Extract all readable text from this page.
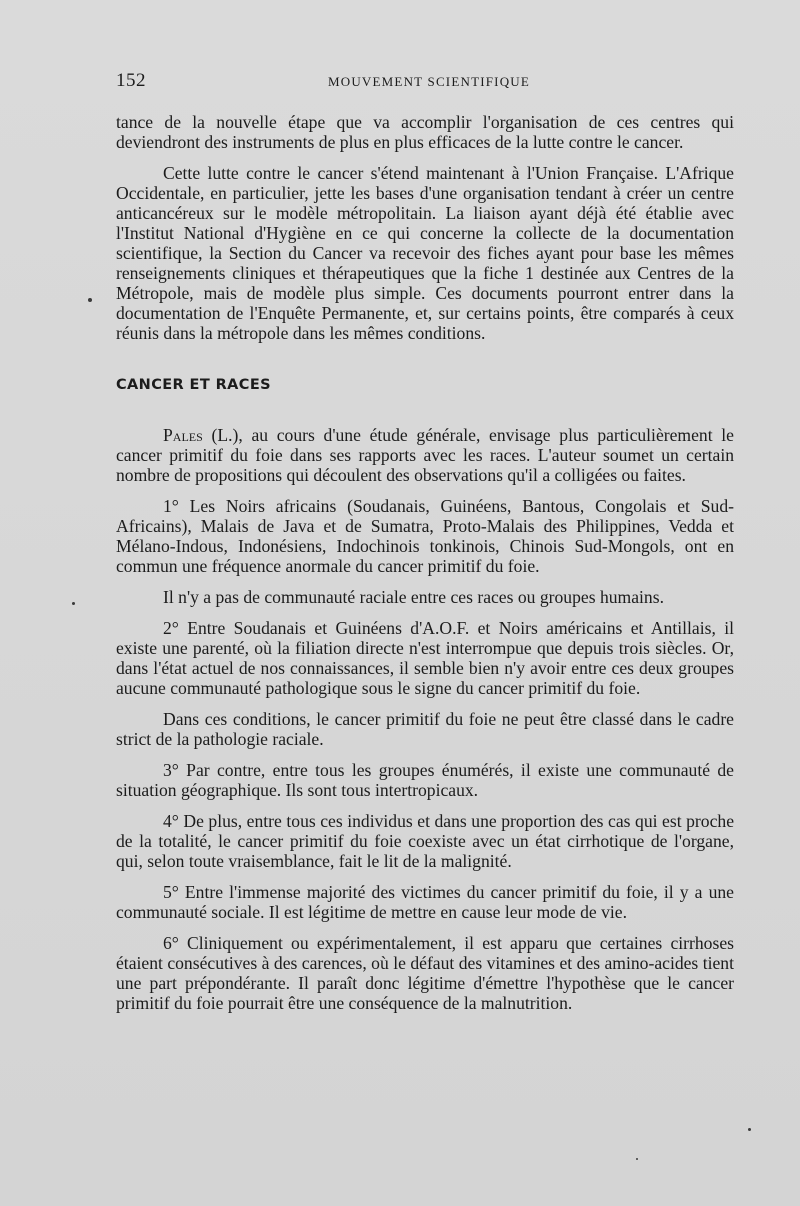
152	MOUVEMENT SCIENTIFIQUE

tance de la nouvelle étape que va accomplir l'organisation de ces centres qui deviendront des instruments de plus en plus efficaces de la lutte contre le cancer.

Cette lutte contre le cancer s'étend maintenant à l'Union Française. L'Afrique Occidentale, en particulier, jette les bases d'une organisation tendant à créer un centre anticancéreux sur le modèle métropolitain. La liaison ayant déjà été établie avec l'Institut National d'Hygiène en ce qui concerne la collecte de la documentation scientifique, la Section du Cancer va recevoir des fiches ayant pour base les mêmes renseignements cliniques et thérapeutiques que la fiche 1 destinée aux Centres de la Métropole, mais de modèle plus simple. Ces documents pourront entrer dans la documentation de l'Enquête Permanente, et, sur certains points, être comparés à ceux réunis dans la métropole dans les mêmes conditions.

CANCER ET RACES

Pales (L.), au cours d'une étude générale, envisage plus particulièrement le cancer primitif du foie dans ses rapports avec les races. L'auteur soumet un certain nombre de propositions qui découlent des observations qu'il a colligées ou faites.

1° Les Noirs africains (Soudanais, Guinéens, Bantous, Congolais et Sud-Africains), Malais de Java et de Sumatra, Proto-Malais des Philippines, Vedda et Mélano-Indous, Indonésiens, Indochinois tonkinois, Chinois Sud-Mongols, ont en commun une fréquence anormale du cancer primitif du foie.

Il n'y a pas de communauté raciale entre ces races ou groupes humains.

2° Entre Soudanais et Guinéens d'A.O.F. et Noirs américains et Antillais, il existe une parenté, où la filiation directe n'est interrompue que depuis trois siècles. Or, dans l'état actuel de nos connaissances, il semble bien n'y avoir entre ces deux groupes aucune communauté pathologique sous le signe du cancer primitif du foie.

Dans ces conditions, le cancer primitif du foie ne peut être classé dans le cadre strict de la pathologie raciale.

3° Par contre, entre tous les groupes énumérés, il existe une communauté de situation géographique. Ils sont tous intertropicaux.

4° De plus, entre tous ces individus et dans une proportion des cas qui est proche de la totalité, le cancer primitif du foie coexiste avec un état cirrhotique de l'organe, qui, selon toute vraisemblance, fait le lit de la malignité.

5° Entre l'immense majorité des victimes du cancer primitif du foie, il y a une communauté sociale. Il est légitime de mettre en cause leur mode de vie.

6° Cliniquement ou expérimentalement, il est apparu que certaines cirrhoses étaient consécutives à des carences, où le défaut des vitamines et des amino-acides tient une part prépondérante. Il paraît donc légitime d'émettre l'hypothèse que le cancer primitif du foie pourrait être une conséquence de la malnutrition.
